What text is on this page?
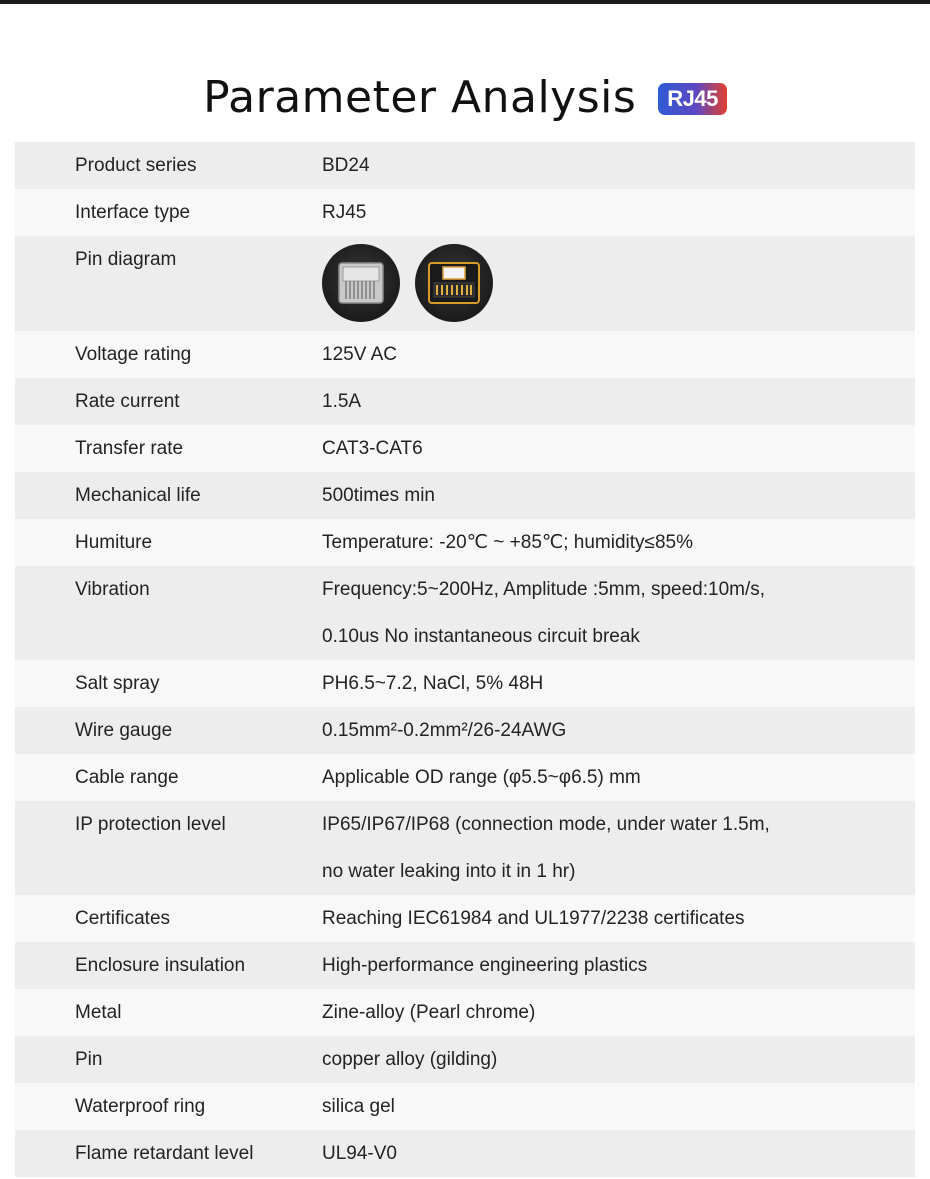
Parameter Analysis	RJ45
Product series	BD24
Interface type	RJ45
Pin diagram
Voltage rating	125V AC
Rate current	1.5A
Transfer rate	CAT3-CAT6
Mechanical life	500times min
Humiture	Temperature: -20℃ ~ +85℃; humidity≤85%
Vibration	Frequency:5~200Hz, Amplitude :5mm, speed:10m/s,
0.10us No instantaneous circuit break
Salt spray	PH6.5~7.2, NaCl, 5% 48H
Wire gauge	0.15mm²-0.2mm²/26-24AWG
Cable range	Applicable OD range (φ5.5~φ6.5) mm
IP protection level	IP65/IP67/IP68 (connection mode, under water 1.5m,
no water leaking into it in 1 hr)
Certificates	Reaching IEC61984 and UL1977/2238 certificates
Enclosure insulation	High-performance engineering plastics
Metal	Zine-alloy (Pearl chrome)
Pin	copper alloy (gilding)
Waterproof ring	silica gel
Flame retardant level	UL94-V0
